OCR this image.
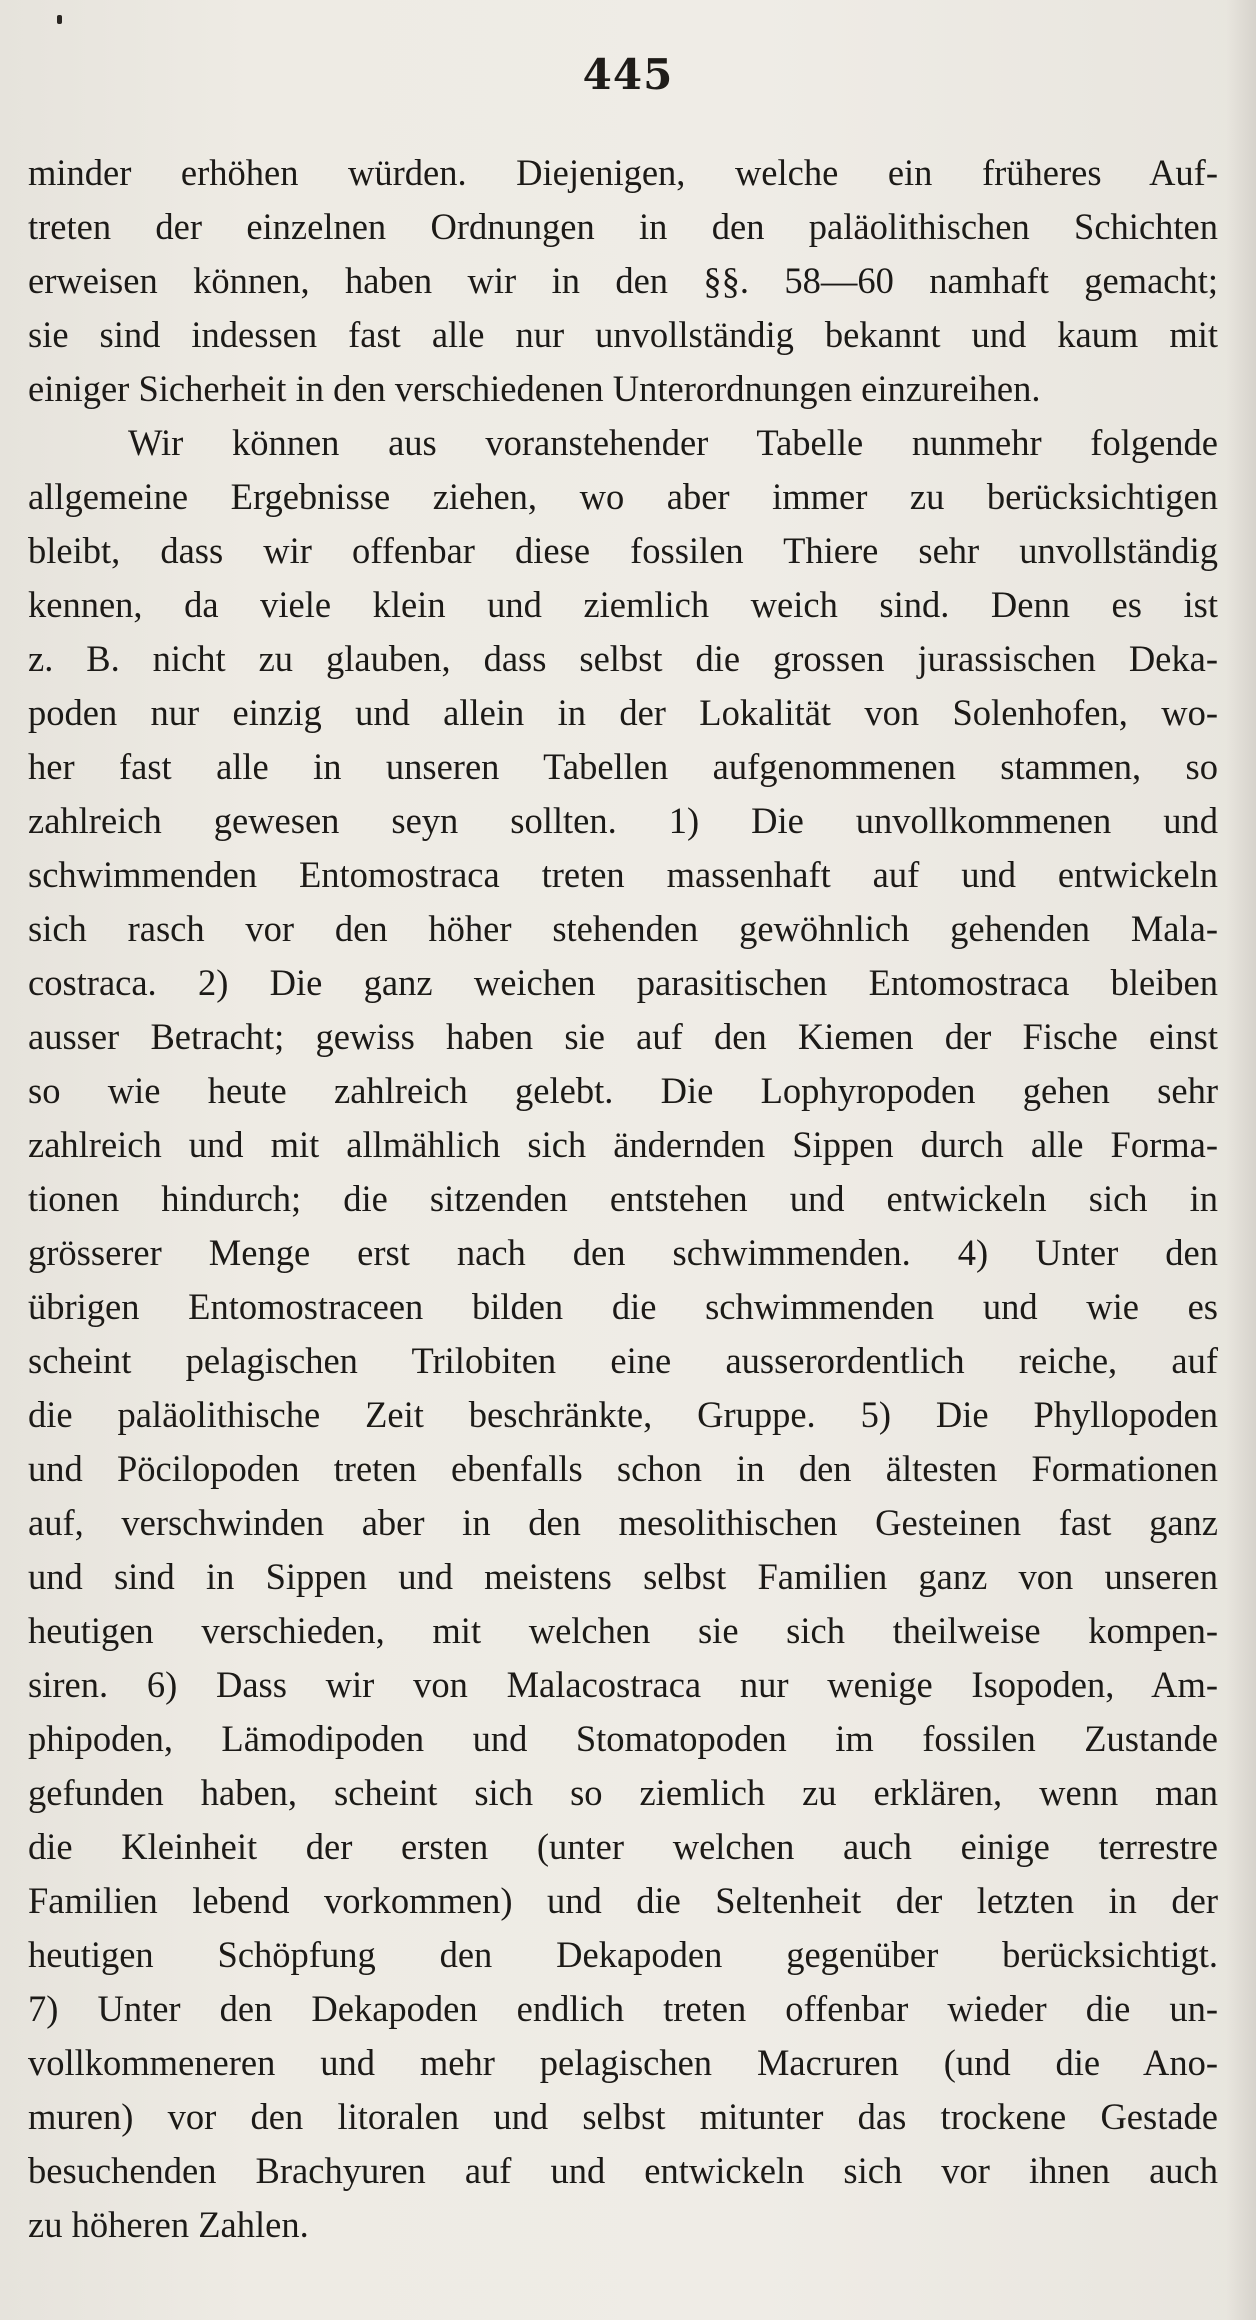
445
minder erhöhen würden. Diejenigen, welche ein früheres Auf-
treten der einzelnen Ordnungen in den paläolithischen Schichten
erweisen können, haben wir in den §§. 58—60 namhaft gemacht;
sie sind indessen fast alle nur unvollständig bekannt und kaum mit
einiger Sicherheit in den verschiedenen Unterordnungen einzureihen.
Wir können aus voranstehender Tabelle nunmehr folgende
allgemeine Ergebnisse ziehen, wo aber immer zu berücksichtigen
bleibt, dass wir offenbar diese fossilen Thiere sehr unvollständig
kennen, da viele klein und ziemlich weich sind. Denn es ist
z. B. nicht zu glauben, dass selbst die grossen jurassischen Deka-
poden nur einzig und allein in der Lokalität von Solenhofen, wo-
her fast alle in unseren Tabellen aufgenommenen stammen, so
zahlreich gewesen seyn sollten. 1) Die unvollkommenen und
schwimmenden Entomostraca treten massenhaft auf und entwickeln
sich rasch vor den höher stehenden gewöhnlich gehenden Mala-
costraca. 2) Die ganz weichen parasitischen Entomostraca bleiben
ausser Betracht; gewiss haben sie auf den Kiemen der Fische einst
so wie heute zahlreich gelebt. Die Lophyropoden gehen sehr
zahlreich und mit allmählich sich ändernden Sippen durch alle Forma-
tionen hindurch; die sitzenden entstehen und entwickeln sich in
grösserer Menge erst nach den schwimmenden. 4) Unter den
übrigen Entomostraceen bilden die schwimmenden und wie es
scheint pelagischen Trilobiten eine ausserordentlich reiche, auf
die paläolithische Zeit beschränkte, Gruppe. 5) Die Phyllopoden
und Pöcilopoden treten ebenfalls schon in den ältesten Formationen
auf, verschwinden aber in den mesolithischen Gesteinen fast ganz
und sind in Sippen und meistens selbst Familien ganz von unseren
heutigen verschieden, mit welchen sie sich theilweise kompen-
siren. 6) Dass wir von Malacostraca nur wenige Isopoden, Am-
phipoden, Lämodipoden und Stomatopoden im fossilen Zustande
gefunden haben, scheint sich so ziemlich zu erklären, wenn man
die Kleinheit der ersten (unter welchen auch einige terrestre
Familien lebend vorkommen) und die Seltenheit der letzten in der
heutigen Schöpfung den Dekapoden gegenüber berücksichtigt.
7) Unter den Dekapoden endlich treten offenbar wieder die un-
vollkommeneren und mehr pelagischen Macruren (und die Ano-
muren) vor den litoralen und selbst mitunter das trockene Gestade
besuchenden Brachyuren auf und entwickeln sich vor ihnen auch
zu höheren Zahlen.
